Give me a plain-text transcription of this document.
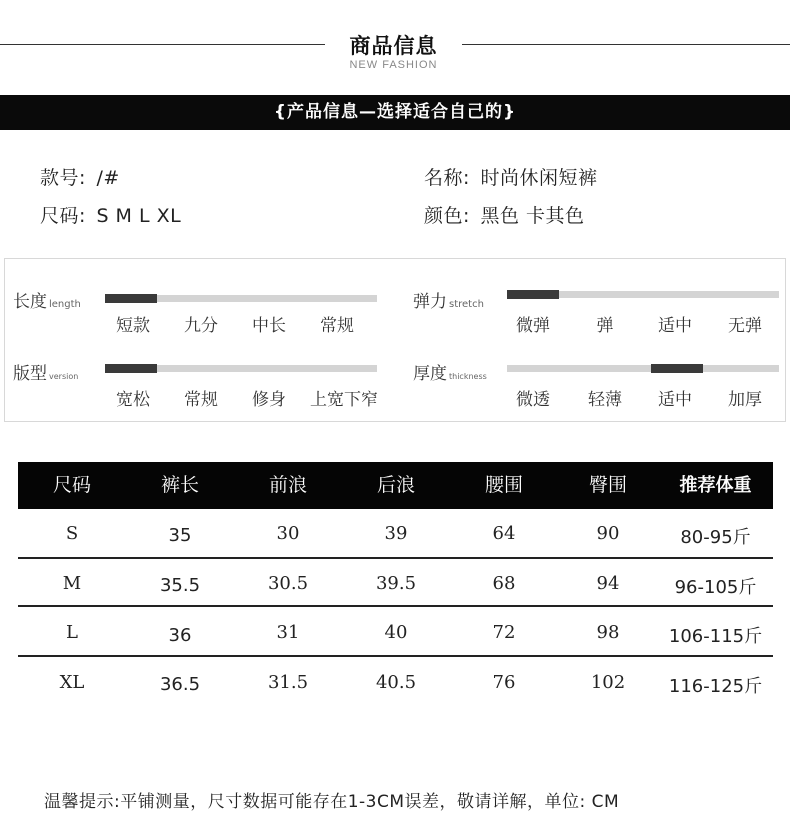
商品信息
NEW FASHION
{产品信息—选择适合自己的}
款号: /#	名称: 时尚休闲短裤
尺码: S M L XL	颜色: 黑色 卡其色
长度 length
短款	九分	中长	常规
弹力 stretch
微弹	弹	适中	无弹
版型 version
宽松	常规	修身	上宽下窄
厚度 thickness
微透	轻薄	适中	加厚
尺码	裤长	前浪	后浪	腰围	臀围	推荐体重
S	35	30	39	64	90	80-95斤
M	35.5	30.5	39.5	68	94	96-105斤
L	36	31	40	72	98	106-115斤
XL	36.5	31.5	40.5	76	102	116-125斤
温馨提示:平铺测量，尺寸数据可能存在1-3CM误差，敬请详解，单位: CM
